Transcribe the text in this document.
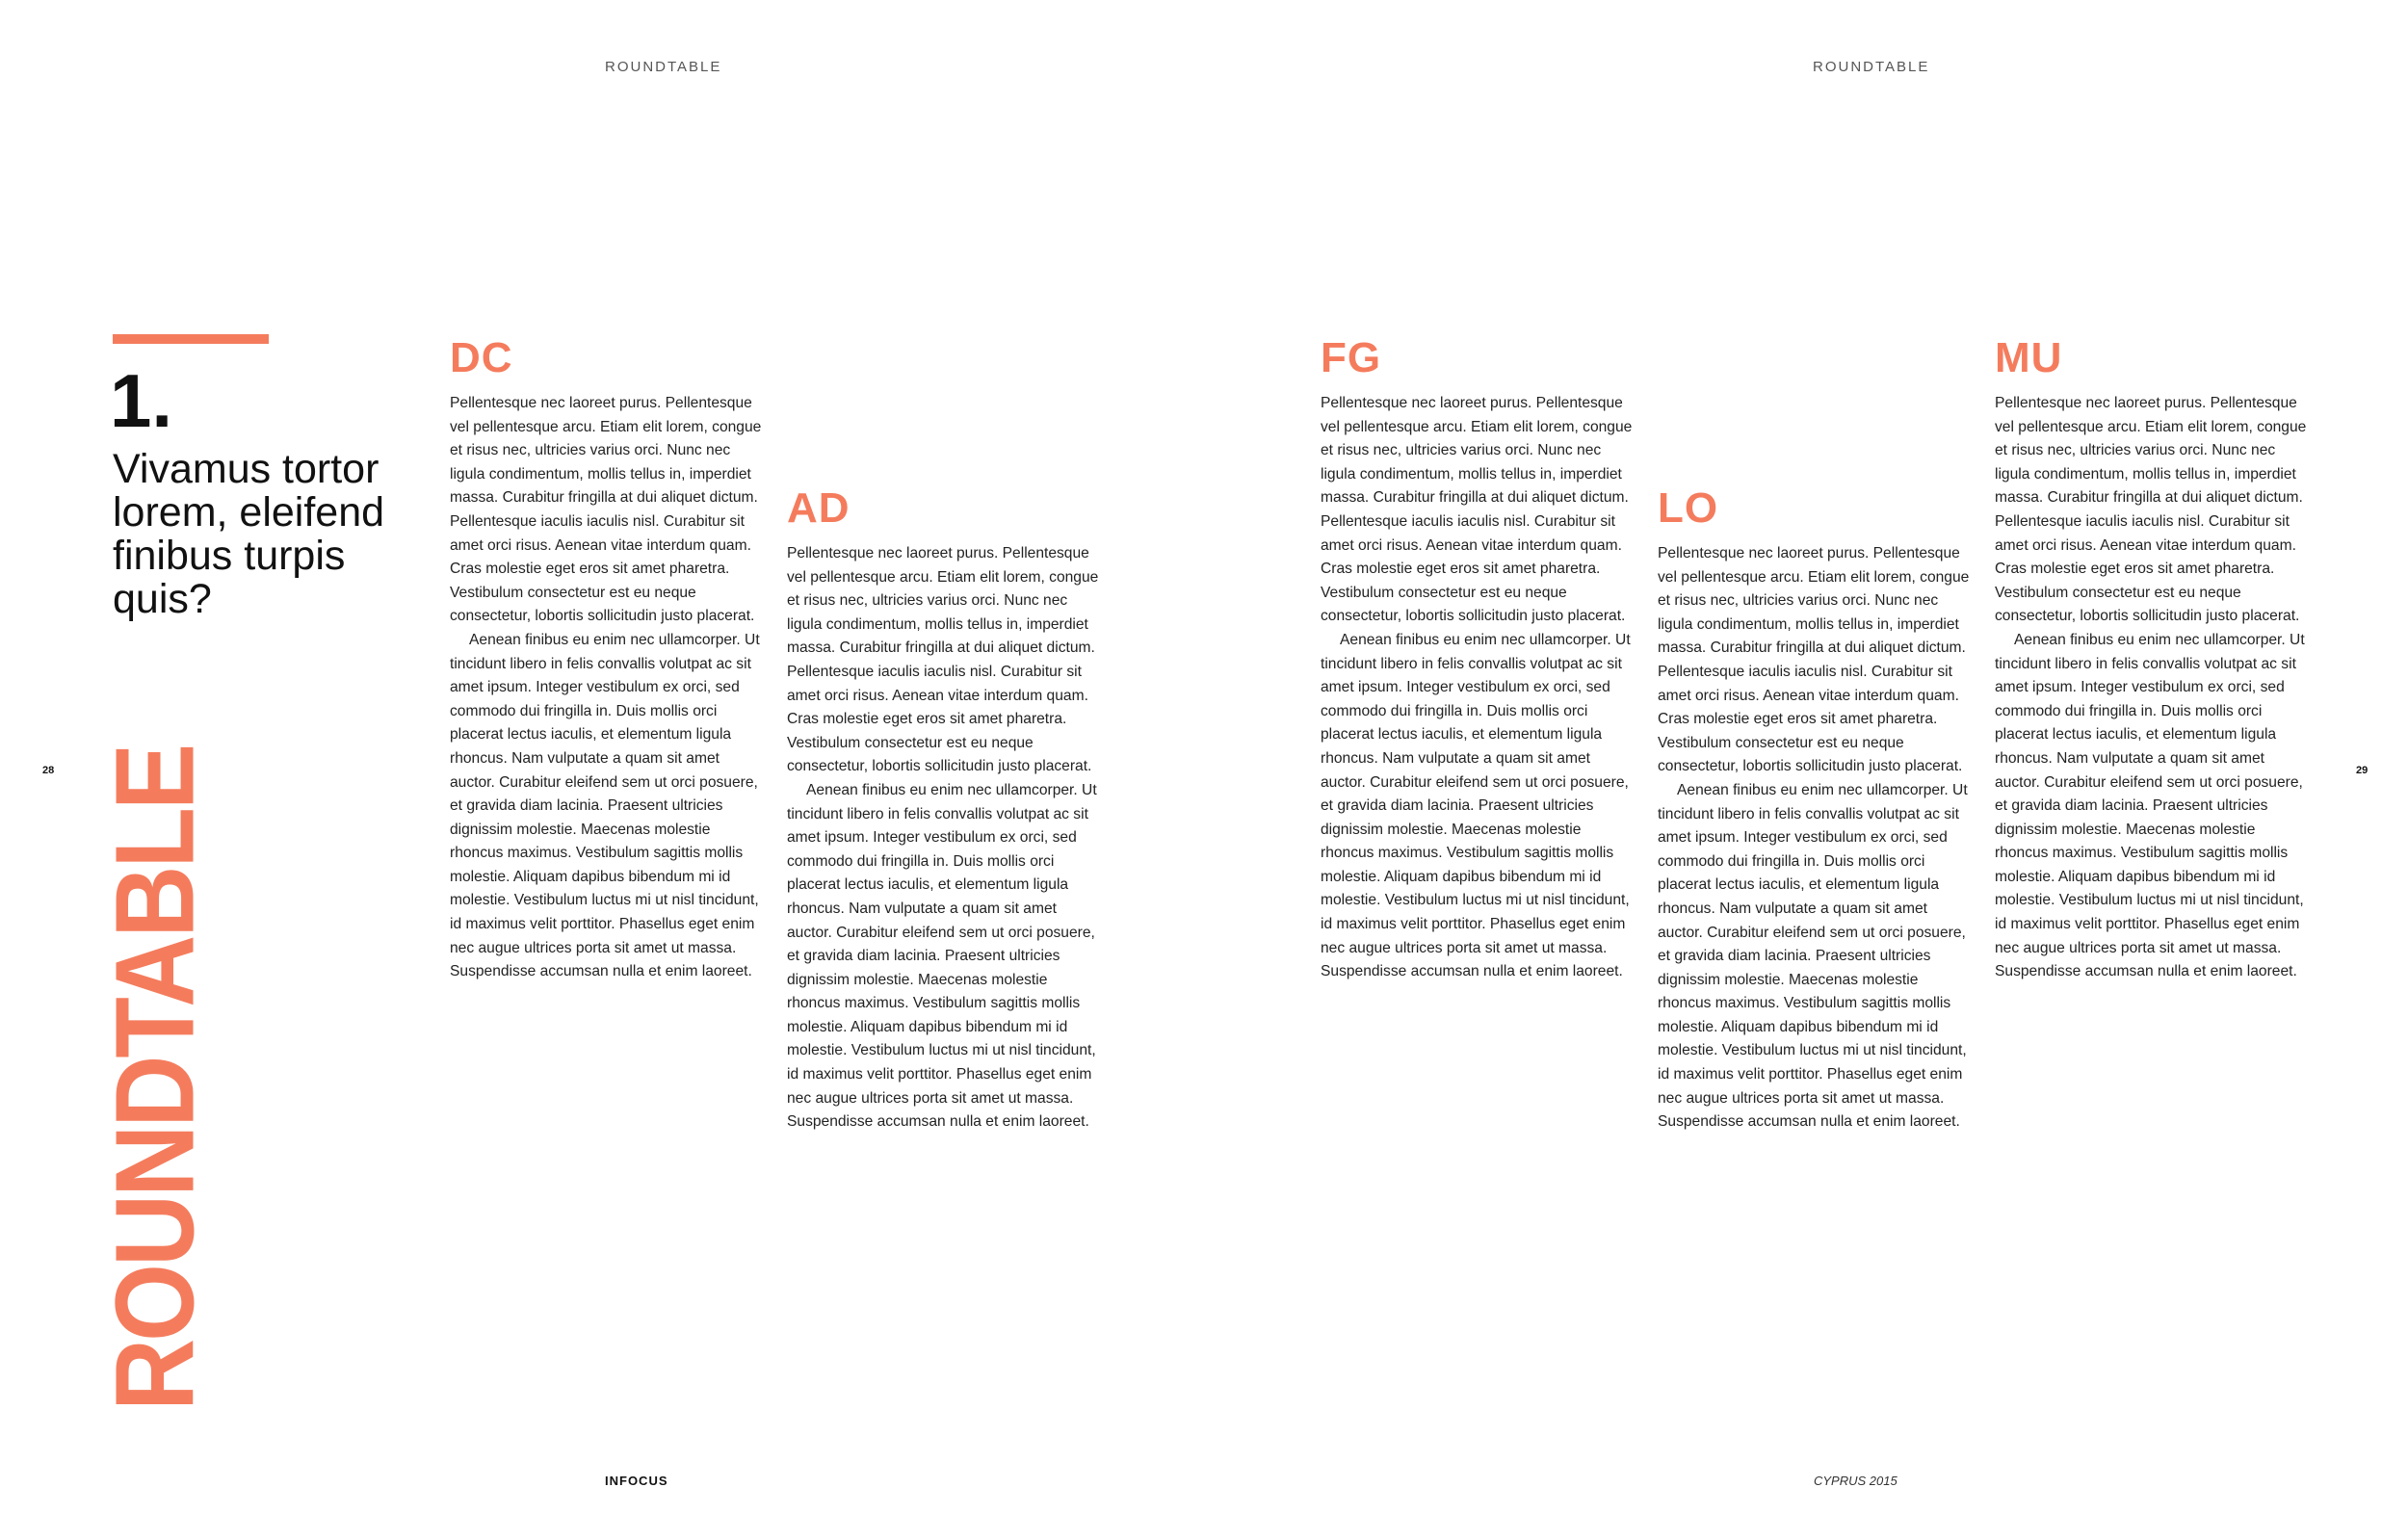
ROUNDTABLE	ROUNDTABLE
28	29
1.
Vivamus tortor lorem, eleifend finibus turpis quis?
ROUNDTABLE
DC

Pellentesque nec laoreet purus. Pellentesque vel pellentesque arcu. Etiam elit lorem, congue et risus nec, ultricies varius orci. Nunc nec ligula condimentum, mollis tellus in, imperdiet massa. Curabitur fringilla at dui aliquet dictum. Pellentesque iaculis iaculis nisl. Curabitur sit amet orci risus. Aenean vitae interdum quam. Cras molestie eget eros sit amet pharetra. Vestibulum consectetur est eu neque consectetur, lobortis sollicitudin justo placerat.

Aenean finibus eu enim nec ullamcorper. Ut tincidunt libero in felis convallis volutpat ac sit amet ipsum. Integer vestibulum ex orci, sed commodo dui fringilla in. Duis mollis orci placerat lectus iaculis, et elementum ligula rhoncus. Nam vulputate a quam sit amet auctor. Curabitur eleifend sem ut orci posuere, et gravida diam lacinia. Praesent ultricies dignissim molestie. Maecenas molestie rhoncus maximus. Vestibulum sagittis mollis molestie. Aliquam dapibus bibendum mi id molestie. Vestibulum luctus mi ut nisl tincidunt, id maximus velit porttitor. Phasellus eget enim nec augue ultrices porta sit amet ut massa. Suspendisse accumsan nulla et enim laoreet.

AD

Pellentesque nec laoreet purus. Pellentesque vel pellentesque arcu. Etiam elit lorem, congue et risus nec, ultricies varius orci. Nunc nec ligula condimentum, mollis tellus in, imperdiet massa. Curabitur fringilla at dui aliquet dictum. Pellentesque iaculis iaculis nisl. Curabitur sit amet orci risus. Aenean vitae interdum quam. Cras molestie eget eros sit amet pharetra. Vestibulum consectetur est eu neque consectetur, lobortis sollicitudin justo placerat.

Aenean finibus eu enim nec ullamcorper. Ut tincidunt libero in felis convallis volutpat ac sit amet ipsum. Integer vestibulum ex orci, sed commodo dui fringilla in. Duis mollis orci placerat lectus iaculis, et elementum ligula rhoncus. Nam vulputate a quam sit amet auctor. Curabitur eleifend sem ut orci posuere, et gravida diam lacinia. Praesent ultricies dignissim molestie. Maecenas molestie rhoncus maximus. Vestibulum sagittis mollis molestie. Aliquam dapibus bibendum mi id molestie. Vestibulum luctus mi ut nisl tincidunt, id maximus velit porttitor. Phasellus eget enim nec augue ultrices porta sit amet ut massa. Suspendisse accumsan nulla et enim laoreet.

FG

Pellentesque nec laoreet purus. Pellentesque vel pellentesque arcu. Etiam elit lorem, congue et risus nec, ultricies varius orci. Nunc nec ligula condimentum, mollis tellus in, imperdiet massa. Curabitur fringilla at dui aliquet dictum. Pellentesque iaculis iaculis nisl. Curabitur sit amet orci risus. Aenean vitae interdum quam. Cras molestie eget eros sit amet pharetra. Vestibulum consectetur est eu neque consectetur, lobortis sollicitudin justo placerat.

Aenean finibus eu enim nec ullamcorper. Ut tincidunt libero in felis convallis volutpat ac sit amet ipsum. Integer vestibulum ex orci, sed commodo dui fringilla in. Duis mollis orci placerat lectus iaculis, et elementum ligula rhoncus. Nam vulputate a quam sit amet auctor. Curabitur eleifend sem ut orci posuere, et gravida diam lacinia. Praesent ultricies dignissim molestie. Maecenas molestie rhoncus maximus. Vestibulum sagittis mollis molestie. Aliquam dapibus bibendum mi id molestie. Vestibulum luctus mi ut nisl tincidunt, id maximus velit porttitor. Phasellus eget enim nec augue ultrices porta sit amet ut massa. Suspendisse accumsan nulla et enim laoreet.

LO

Pellentesque nec laoreet purus. Pellentesque vel pellentesque arcu. Etiam elit lorem, congue et risus nec, ultricies varius orci. Nunc nec ligula condimentum, mollis tellus in, imperdiet massa. Curabitur fringilla at dui aliquet dictum. Pellentesque iaculis iaculis nisl. Curabitur sit amet orci risus. Aenean vitae interdum quam. Cras molestie eget eros sit amet pharetra. Vestibulum consectetur est eu neque consectetur, lobortis sollicitudin justo placerat.

Aenean finibus eu enim nec ullamcorper. Ut tincidunt libero in felis convallis volutpat ac sit amet ipsum. Integer vestibulum ex orci, sed commodo dui fringilla in. Duis mollis orci placerat lectus iaculis, et elementum ligula rhoncus. Nam vulputate a quam sit amet auctor. Curabitur eleifend sem ut orci posuere, et gravida diam lacinia. Praesent ultricies dignissim molestie. Maecenas molestie rhoncus maximus. Vestibulum sagittis mollis molestie. Aliquam dapibus bibendum mi id molestie. Vestibulum luctus mi ut nisl tincidunt, id maximus velit porttitor. Phasellus eget enim nec augue ultrices porta sit amet ut massa. Suspendisse accumsan nulla et enim laoreet.

MU

Pellentesque nec laoreet purus. Pellentesque vel pellentesque arcu. Etiam elit lorem, congue et risus nec, ultricies varius orci. Nunc nec ligula condimentum, mollis tellus in, imperdiet massa. Curabitur fringilla at dui aliquet dictum. Pellentesque iaculis iaculis nisl. Curabitur sit amet orci risus. Aenean vitae interdum quam. Cras molestie eget eros sit amet pharetra. Vestibulum consectetur est eu neque consectetur, lobortis sollicitudin justo placerat.

Aenean finibus eu enim nec ullamcorper. Ut tincidunt libero in felis convallis volutpat ac sit amet ipsum. Integer vestibulum ex orci, sed commodo dui fringilla in. Duis mollis orci placerat lectus iaculis, et elementum ligula rhoncus. Nam vulputate a quam sit amet auctor. Curabitur eleifend sem ut orci posuere, et gravida diam lacinia. Praesent ultricies dignissim molestie. Maecenas molestie rhoncus maximus. Vestibulum sagittis mollis molestie. Aliquam dapibus bibendum mi id molestie. Vestibulum luctus mi ut nisl tincidunt, id maximus velit porttitor. Phasellus eget enim nec augue ultrices porta sit amet ut massa. Suspendisse accumsan nulla et enim laoreet.

INFOCUS	CYPRUS 2015
